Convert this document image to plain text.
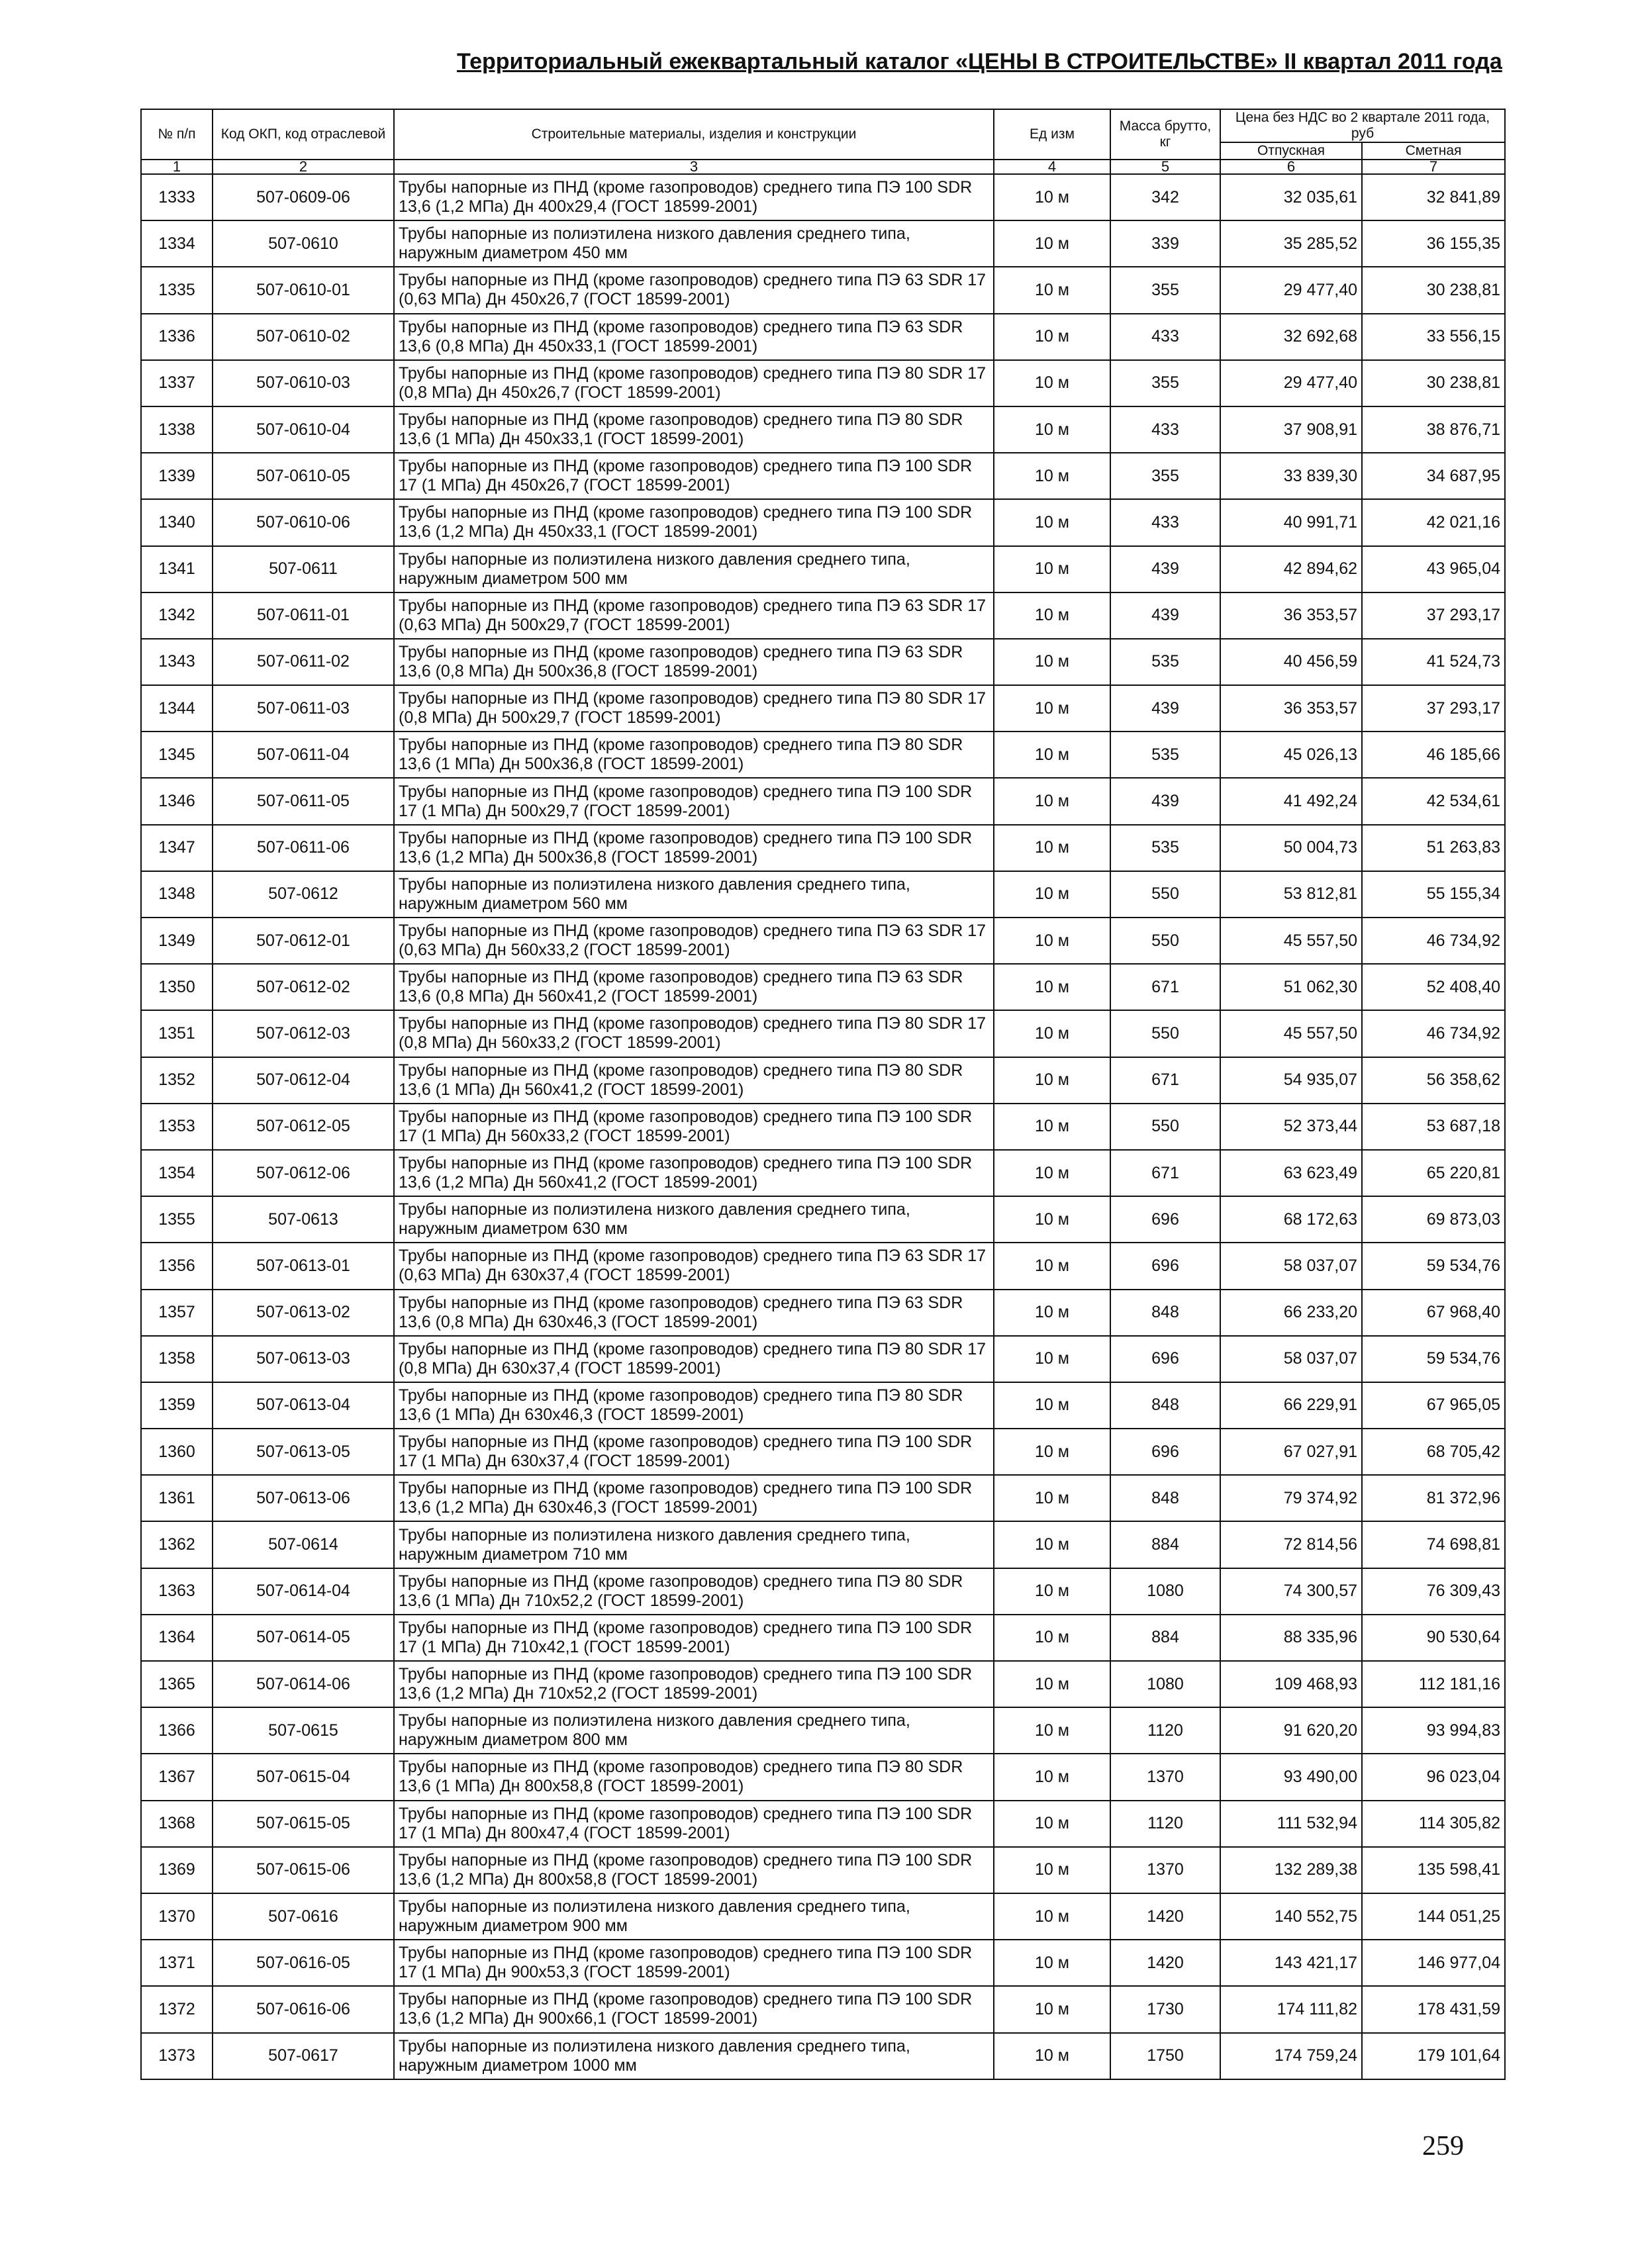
Территориальный ежеквартальный каталог «ЦЕНЫ В СТРОИТЕЛЬСТВЕ» II квартал 2011 года
№ п/п	Код ОКП, код отраслевой	Строительные материалы, изделия и конструкции	Ед изм	Масса брутто, кг	Цена без НДС во 2 квартале 2011 года, руб	
					Отпускная	Сметная
1	2	3	4	5	6	7
1333	507-0609-06	Трубы напорные из ПНД (кроме газопроводов) среднего типа ПЭ 100 SDR 13,6 (1,2 МПа) Дн 400х29,4 (ГОСТ 18599-2001)	10 м	342	32 035,61	32 841,89
1334	507-0610	Трубы напорные из полиэтилена низкого давления среднего типа, наружным диаметром 450 мм	10 м	339	35 285,52	36 155,35
1335	507-0610-01	Трубы напорные из ПНД (кроме газопроводов) среднего типа ПЭ 63 SDR 17 (0,63 МПа) Дн 450х26,7 (ГОСТ 18599-2001)	10 м	355	29 477,40	30 238,81
1336	507-0610-02	Трубы напорные из ПНД (кроме газопроводов) среднего типа ПЭ 63 SDR 13,6 (0,8 МПа) Дн 450х33,1 (ГОСТ 18599-2001)	10 м	433	32 692,68	33 556,15
1337	507-0610-03	Трубы напорные из ПНД (кроме газопроводов) среднего типа ПЭ 80 SDR 17 (0,8 МПа) Дн 450х26,7 (ГОСТ 18599-2001)	10 м	355	29 477,40	30 238,81
1338	507-0610-04	Трубы напорные из ПНД (кроме газопроводов) среднего типа ПЭ 80 SDR 13,6 (1 МПа) Дн 450х33,1 (ГОСТ 18599-2001)	10 м	433	37 908,91	38 876,71
1339	507-0610-05	Трубы напорные из ПНД (кроме газопроводов) среднего типа ПЭ 100 SDR 17 (1 МПа) Дн 450х26,7 (ГОСТ 18599-2001)	10 м	355	33 839,30	34 687,95
1340	507-0610-06	Трубы напорные из ПНД (кроме газопроводов) среднего типа ПЭ 100 SDR 13,6 (1,2 МПа) Дн 450х33,1 (ГОСТ 18599-2001)	10 м	433	40 991,71	42 021,16
1341	507-0611	Трубы напорные из полиэтилена низкого давления среднего типа, наружным диаметром 500 мм	10 м	439	42 894,62	43 965,04
1342	507-0611-01	Трубы напорные из ПНД (кроме газопроводов) среднего типа ПЭ 63 SDR 17 (0,63 МПа) Дн 500х29,7 (ГОСТ 18599-2001)	10 м	439	36 353,57	37 293,17
1343	507-0611-02	Трубы напорные из ПНД (кроме газопроводов) среднего типа ПЭ 63 SDR 13,6 (0,8 МПа) Дн 500х36,8 (ГОСТ 18599-2001)	10 м	535	40 456,59	41 524,73
1344	507-0611-03	Трубы напорные из ПНД (кроме газопроводов) среднего типа ПЭ 80 SDR 17 (0,8 МПа) Дн 500х29,7 (ГОСТ 18599-2001)	10 м	439	36 353,57	37 293,17
1345	507-0611-04	Трубы напорные из ПНД (кроме газопроводов) среднего типа ПЭ 80 SDR 13,6 (1 МПа) Дн 500х36,8 (ГОСТ 18599-2001)	10 м	535	45 026,13	46 185,66
1346	507-0611-05	Трубы напорные из ПНД (кроме газопроводов) среднего типа ПЭ 100 SDR 17 (1 МПа) Дн 500х29,7 (ГОСТ 18599-2001)	10 м	439	41 492,24	42 534,61
1347	507-0611-06	Трубы напорные из ПНД (кроме газопроводов) среднего типа ПЭ 100 SDR 13,6 (1,2 МПа) Дн 500х36,8 (ГОСТ 18599-2001)	10 м	535	50 004,73	51 263,83
1348	507-0612	Трубы напорные из полиэтилена низкого давления среднего типа, наружным диаметром 560 мм	10 м	550	53 812,81	55 155,34
1349	507-0612-01	Трубы напорные из ПНД (кроме газопроводов) среднего типа ПЭ 63 SDR 17 (0,63 МПа) Дн 560х33,2 (ГОСТ 18599-2001)	10 м	550	45 557,50	46 734,92
1350	507-0612-02	Трубы напорные из ПНД (кроме газопроводов) среднего типа ПЭ 63 SDR 13,6 (0,8 МПа) Дн 560х41,2 (ГОСТ 18599-2001)	10 м	671	51 062,30	52 408,40
1351	507-0612-03	Трубы напорные из ПНД (кроме газопроводов) среднего типа ПЭ 80 SDR 17 (0,8 МПа) Дн 560х33,2 (ГОСТ 18599-2001)	10 м	550	45 557,50	46 734,92
1352	507-0612-04	Трубы напорные из ПНД (кроме газопроводов) среднего типа ПЭ 80 SDR 13,6 (1 МПа) Дн 560х41,2 (ГОСТ 18599-2001)	10 м	671	54 935,07	56 358,62
1353	507-0612-05	Трубы напорные из ПНД (кроме газопроводов) среднего типа ПЭ 100 SDR 17 (1 МПа) Дн 560х33,2 (ГОСТ 18599-2001)	10 м	550	52 373,44	53 687,18
1354	507-0612-06	Трубы напорные из ПНД (кроме газопроводов) среднего типа ПЭ 100 SDR 13,6 (1,2 МПа) Дн 560х41,2 (ГОСТ 18599-2001)	10 м	671	63 623,49	65 220,81
1355	507-0613	Трубы напорные из полиэтилена низкого давления среднего типа, наружным диаметром 630 мм	10 м	696	68 172,63	69 873,03
1356	507-0613-01	Трубы напорные из ПНД (кроме газопроводов) среднего типа ПЭ 63 SDR 17 (0,63 МПа) Дн 630х37,4 (ГОСТ 18599-2001)	10 м	696	58 037,07	59 534,76
1357	507-0613-02	Трубы напорные из ПНД (кроме газопроводов) среднего типа ПЭ 63 SDR 13,6 (0,8 МПа) Дн 630х46,3 (ГОСТ 18599-2001)	10 м	848	66 233,20	67 968,40
1358	507-0613-03	Трубы напорные из ПНД (кроме газопроводов) среднего типа ПЭ 80 SDR 17 (0,8 МПа) Дн 630х37,4 (ГОСТ 18599-2001)	10 м	696	58 037,07	59 534,76
1359	507-0613-04	Трубы напорные из ПНД (кроме газопроводов) среднего типа ПЭ 80 SDR 13,6 (1 МПа) Дн 630х46,3 (ГОСТ 18599-2001)	10 м	848	66 229,91	67 965,05
1360	507-0613-05	Трубы напорные из ПНД (кроме газопроводов) среднего типа ПЭ 100 SDR 17 (1 МПа) Дн 630х37,4 (ГОСТ 18599-2001)	10 м	696	67 027,91	68 705,42
1361	507-0613-06	Трубы напорные из ПНД (кроме газопроводов) среднего типа ПЭ 100 SDR 13,6 (1,2 МПа) Дн 630х46,3 (ГОСТ 18599-2001)	10 м	848	79 374,92	81 372,96
1362	507-0614	Трубы напорные из полиэтилена низкого давления среднего типа, наружным диаметром 710 мм	10 м	884	72 814,56	74 698,81
1363	507-0614-04	Трубы напорные из ПНД (кроме газопроводов) среднего типа ПЭ 80 SDR 13,6 (1 МПа) Дн 710х52,2 (ГОСТ 18599-2001)	10 м	1080	74 300,57	76 309,43
1364	507-0614-05	Трубы напорные из ПНД (кроме газопроводов) среднего типа ПЭ 100 SDR 17 (1 МПа) Дн 710х42,1 (ГОСТ 18599-2001)	10 м	884	88 335,96	90 530,64
1365	507-0614-06	Трубы напорные из ПНД (кроме газопроводов) среднего типа ПЭ 100 SDR 13,6 (1,2 МПа) Дн 710х52,2 (ГОСТ 18599-2001)	10 м	1080	109 468,93	112 181,16
1366	507-0615	Трубы напорные из полиэтилена низкого давления среднего типа, наружным диаметром 800 мм	10 м	1120	91 620,20	93 994,83
1367	507-0615-04	Трубы напорные из ПНД (кроме газопроводов) среднего типа ПЭ 80 SDR 13,6 (1 МПа) Дн 800х58,8 (ГОСТ 18599-2001)	10 м	1370	93 490,00	96 023,04
1368	507-0615-05	Трубы напорные из ПНД (кроме газопроводов) среднего типа ПЭ 100 SDR 17 (1 МПа) Дн 800х47,4 (ГОСТ 18599-2001)	10 м	1120	111 532,94	114 305,82
1369	507-0615-06	Трубы напорные из ПНД (кроме газопроводов) среднего типа ПЭ 100 SDR 13,6 (1,2 МПа) Дн 800х58,8 (ГОСТ 18599-2001)	10 м	1370	132 289,38	135 598,41
1370	507-0616	Трубы напорные из полиэтилена низкого давления среднего типа, наружным диаметром 900 мм	10 м	1420	140 552,75	144 051,25
1371	507-0616-05	Трубы напорные из ПНД (кроме газопроводов) среднего типа ПЭ 100 SDR 17 (1 МПа) Дн 900х53,3 (ГОСТ 18599-2001)	10 м	1420	143 421,17	146 977,04
1372	507-0616-06	Трубы напорные из ПНД (кроме газопроводов) среднего типа ПЭ 100 SDR 13,6 (1,2 МПа) Дн 900х66,1 (ГОСТ 18599-2001)	10 м	1730	174 111,82	178 431,59
1373	507-0617	Трубы напорные из полиэтилена низкого давления среднего типа, наружным диаметром 1000 мм	10 м	1750	174 759,24	179 101,64
259
